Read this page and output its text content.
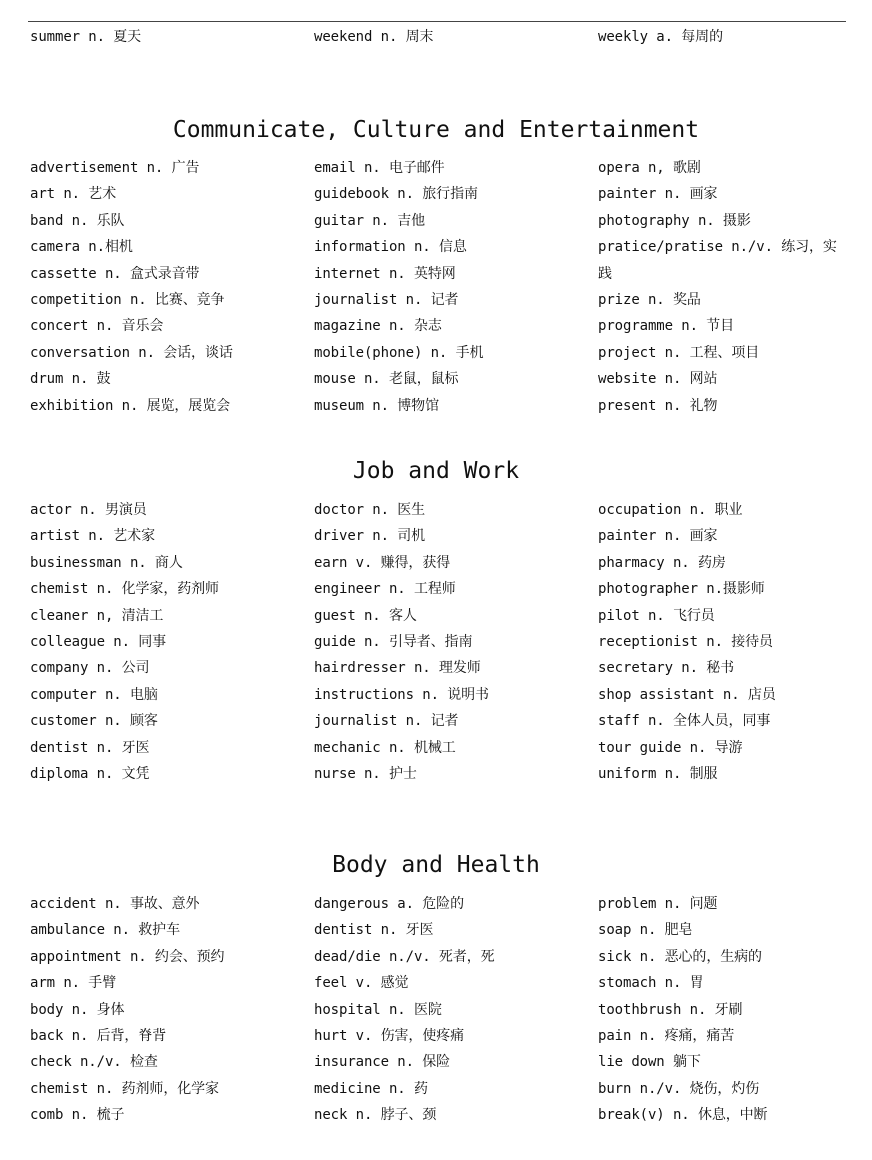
summer n. 夏天	weekend n. 周末	weekly a. 每周的
Communicate, Culture and Entertainment
advertisement n. 广告
art n. 艺术
band n. 乐队
camera n.相机
cassette n. 盒式录音带
competition n. 比赛、竞争
concert n. 音乐会
conversation n. 会话，谈话
drum n. 鼓
exhibition n. 展览，展览会
email n. 电子邮件
guidebook n. 旅行指南
guitar n. 吉他
information n. 信息
internet n. 英特网
journalist n. 记者
magazine n. 杂志
mobile(phone) n. 手机
mouse n. 老鼠，鼠标
museum n. 博物馆
opera n, 歌剧
painter n. 画家
photography n. 摄影
pratice/pratise n./v. 练习，实践
prize n. 奖品
programme n. 节目
project n. 工程、项目
website n. 网站
present n. 礼物
Job and Work
actor n. 男演员
artist n. 艺术家
businessman n. 商人
chemist n. 化学家，药剂师
cleaner n, 清洁工
colleague n. 同事
company n. 公司
computer n. 电脑
customer n. 顾客
dentist n. 牙医
diploma n. 文凭
doctor n. 医生
driver n. 司机
earn v. 赚得，获得
engineer n. 工程师
guest n. 客人
guide n. 引导者、指南
hairdresser n. 理发师
instructions n. 说明书
journalist n. 记者
mechanic n. 机械工
nurse n. 护士
occupation n. 职业
painter n. 画家
pharmacy n. 药房
photographer n.摄影师
pilot n. 飞行员
receptionist n. 接待员
secretary n. 秘书
shop assistant n. 店员
staff n. 全体人员，同事
tour guide n. 导游
uniform n. 制服
Body and Health
accident n. 事故、意外
ambulance n. 救护车
appointment n. 约会、预约
arm n. 手臂
body n. 身体
back n. 后背，脊背
check n./v. 检查
chemist n. 药剂师，化学家
comb n. 梳子
dangerous a. 危险的
dentist n. 牙医
dead/die n./v. 死者，死
feel v. 感觉
hospital n. 医院
hurt v. 伤害，使疼痛
insurance n. 保险
medicine n. 药
neck n. 脖子、颈
problem n. 问题
soap n. 肥皂
sick n. 恶心的，生病的
stomach n. 胃
toothbrush n. 牙刷
pain n. 疼痛，痛苦
lie down 躺下
burn n./v. 烧伤，灼伤
break(v) n. 休息，中断
